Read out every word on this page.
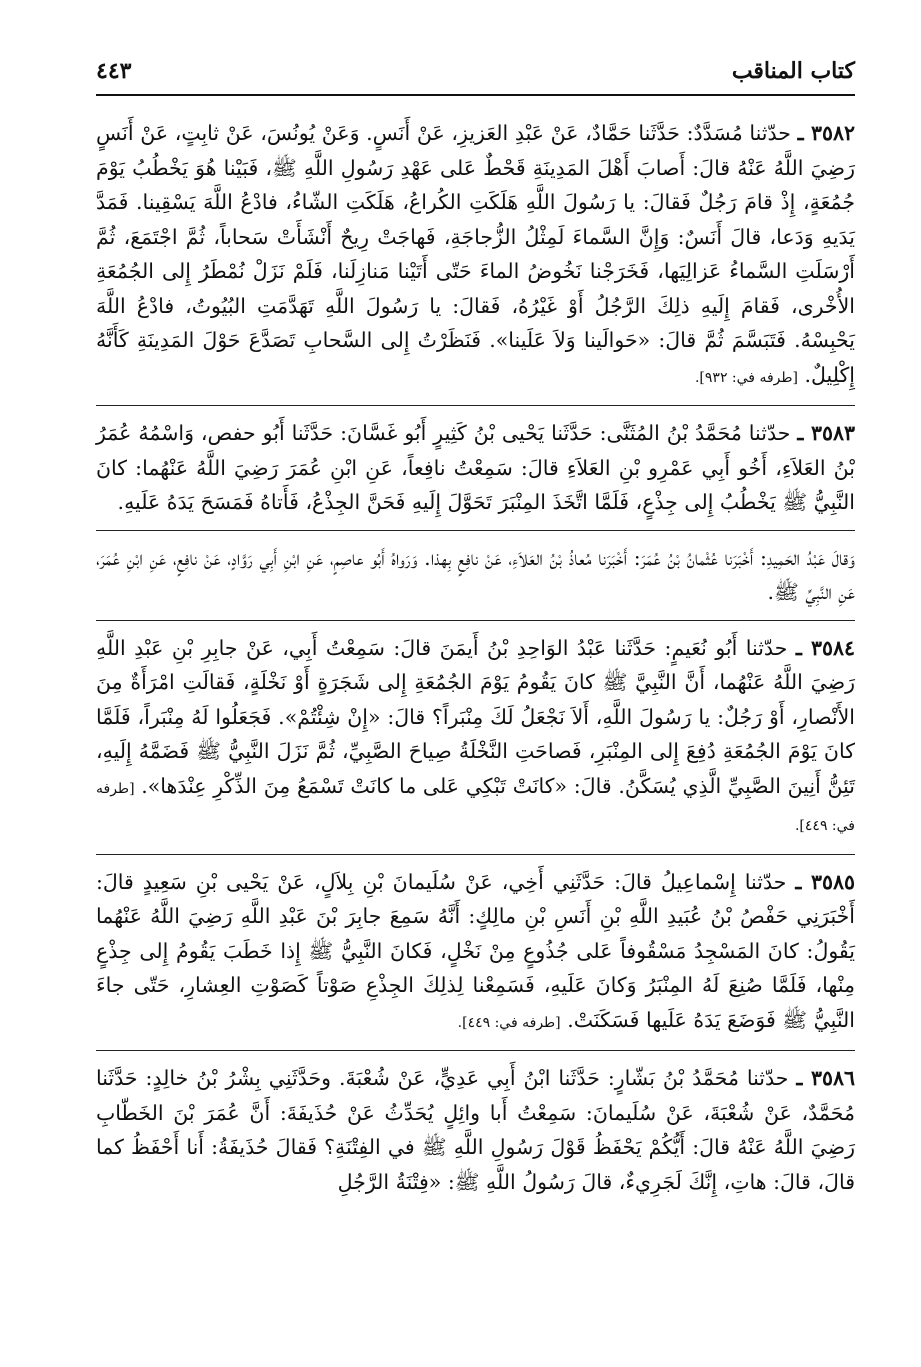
كتاب المناقب
٤٤٣

٣٥٨٢ ـ حدّثنا مُسَدَّدٌ: حَدَّثَنا حَمَّادٌ، عَنْ عَبْدِ العَزيزِ، عَنْ أَنَسٍ. وَعَنْ يُونُسَ، عَنْ ثابِتٍ، عَنْ أَنَسٍ رَضِيَ اللَّهُ عَنْهُ قالَ: أَصابَ أَهْلَ المَدِينَةِ قَحْطٌ عَلى عَهْدِ رَسُولِ اللَّهِ ﷺ، فَبَيْنا هُوَ يَخْطُبُ يَوْمَ جُمُعَةٍ، إِذْ قامَ رَجُلٌ فَقالَ: يا رَسُولَ اللَّهِ هَلَكَتِ الكُراعُ، هَلَكَتِ الشّاءُ، فادْعُ اللَّهَ يَسْقِينا. فَمَدَّ يَدَيهِ وَدَعا، قالَ أَنَسٌ: وَإِنَّ السَّماءَ لَمِثْلُ الزُّجاجَةِ، فَهاجَتْ رِيحٌ أَنْشَأَتْ سَحاباً، ثُمَّ اجْتَمَعَ، ثُمَّ أَرْسَلَتِ السَّماءُ عَزالِيَها، فَخَرَجْنا نَخُوضُ الماءَ حَتّى أَتَيْنا مَنازِلَنا، فَلَمْ نَزَلْ نُمْطَرُ إِلى الجُمُعَةِ الأُخْرى، فَقامَ إِلَيهِ ذلِكَ الرَّجُلُ أَوْ غَيْرُهُ، فَقالَ: يا رَسُولَ اللَّهِ تَهَدَّمَتِ البُيُوتُ، فادْعُ اللَّهَ يَحْبِسْهُ. فَتَبَسَّمَ ثُمَّ قالَ: «حَوالَينا وَلاَ عَلَينا». فَنَظَرْتُ إِلى السَّحابِ تَصَدَّعَ حَوْلَ المَدِينَةِ كَأَنَّهُ إِكْلِيلٌ. [طرفه في: ٩٣٢].

٣٥٨٣ ـ حدّثنا مُحَمَّدُ بْنُ المُثَنَّى: حَدَّثَنا يَحْيى بْنُ كَثِيرٍ أَبُو غَسَّانَ: حَدَّثَنا أَبُو حفص، وَاسْمُهُ عُمَرُ بْنُ العَلاَءِ، أَخُو أَبِي عَمْرِو بْنِ العَلاَءِ قالَ: سَمِعْتُ نافِعاً، عَنِ ابْنِ عُمَرَ رَضِيَ اللَّهُ عَنْهُما: كانَ النَّبِيُّ ﷺ يَخْطُبُ إِلى جِذْعٍ، فَلَمَّا اتَّخَذَ المِنْبَرَ تَحَوَّلَ إِلَيهِ فَحَنَّ الجِذْعُ، فَأَتاهُ فَمَسَحَ يَدَهُ عَلَيهِ.

وَقالَ عَبْدُ الحَمِيدِ: أَخْبَرَنا عُثْمانُ بْنُ عُمَرَ: أَخْبَرَنا مُعاذُ بْنُ العَلاَءِ، عَنْ نافِعٍ بِهذا. وَرَواهُ أَبُو عاصِمٍ، عَنِ ابْنِ أَبِي رَوَّادٍ، عَنْ نافِعٍ، عَنِ ابْنِ عُمَرَ، عَنِ النَّبِيِّ ﷺ.

٣٥٨٤ ـ حدّثنا أَبُو نُعَيمٍ: حَدَّثَنا عَبْدُ الوَاحِدِ بْنُ أَيمَنَ قالَ: سَمِعْتُ أَبِي، عَنْ جابِرِ بْنِ عَبْدِ اللَّهِ رَضِيَ اللَّهُ عَنْهُما، أَنَّ النَّبِيَّ ﷺ كانَ يَقُومُ يَوْمَ الجُمُعَةِ إِلى شَجَرَةٍ أَوْ نَخْلَةٍ، فَقالَتِ امْرَأَةٌ مِنَ الأَنْصارِ، أَوْ رَجُلٌ: يا رَسُولَ اللَّهِ، أَلاَ نَجْعَلُ لَكَ مِنْبَراً؟ قالَ: «إِنْ شِئْتُمْ». فَجَعَلُوا لَهُ مِنْبَراً، فَلَمَّا كانَ يَوْمَ الجُمُعَةِ دُفِعَ إِلى المِنْبَرِ، فَصاحَتِ النَّخْلَةُ صِياحَ الصَّبِيِّ، ثُمَّ نَزَلَ النَّبِيُّ ﷺ فَضَمَّهُ إِلَيهِ، تَئِنُّ أَنِينَ الصَّبِيِّ الَّذِي يُسَكَّنُ. قالَ: «كانَتْ تَبْكِي عَلى ما كانَتْ تَسْمَعُ مِنَ الذِّكْرِ عِنْدَها». [طرفه في: ٤٤٩].

٣٥٨٥ ـ حدّثنا إِسْماعِيلُ قالَ: حَدَّثَنِي أَخِي، عَنْ سُلَيمانَ بْنِ بِلاَلٍ، عَنْ يَحْيى بْنِ سَعِيدٍ قالَ: أَخْبَرَنِي حَفْصُ بْنُ عُبَيدِ اللَّهِ بْنِ أَنَسِ بْنِ مالِكٍ: أَنَّهُ سَمِعَ جابِرَ بْنَ عَبْدِ اللَّهِ رَضِيَ اللَّهُ عَنْهُما يَقُولُ: كانَ المَسْجِدُ مَسْقُوفاً عَلى جُذُوعٍ مِنْ نَخْلٍ، فَكانَ النَّبِيُّ ﷺ إِذا خَطَبَ يَقُومُ إِلى جِذْعٍ مِنْها، فَلَمَّا صُنِعَ لَهُ المِنْبَرُ وَكانَ عَلَيهِ، فَسَمِعْنا لِذلِكَ الجِذْعِ صَوْتاً كَصَوْتِ العِشارِ، حَتّى جاءَ النَّبِيُّ ﷺ فَوَضَعَ يَدَهُ عَلَيها فَسَكَنَتْ. [طرفه في: ٤٤٩].

٣٥٨٦ ـ حدّثنا مُحَمَّدُ بْنُ بَشّارٍ: حَدَّثَنا ابْنُ أَبِي عَدِيٍّ، عَنْ شُعْبَةَ. وحَدَّثَنِي بِشْرُ بْنُ خالِدٍ: حَدَّثَنا مُحَمَّدٌ، عَنْ شُعْبَةَ، عَنْ سُلَيمانَ: سَمِعْتُ أَبا وائِلٍ يُحَدِّثُ عَنْ حُذَيفَةَ: أَنَّ عُمَرَ بْنَ الخَطّابِ رَضِيَ اللَّهُ عَنْهُ قالَ: أَيُّكُمْ يَحْفَظُ قَوْلَ رَسُولِ اللَّهِ ﷺ في الفِتْنَةِ؟ فَقالَ حُذَيفَةُ: أَنا أَحْفَظُ كما قالَ، قالَ: هاتِ، إِنَّكَ لَجَرِيءٌ، قالَ رَسُولُ اللَّهِ ﷺ: «فِتْنَةُ الرَّجُلِ
